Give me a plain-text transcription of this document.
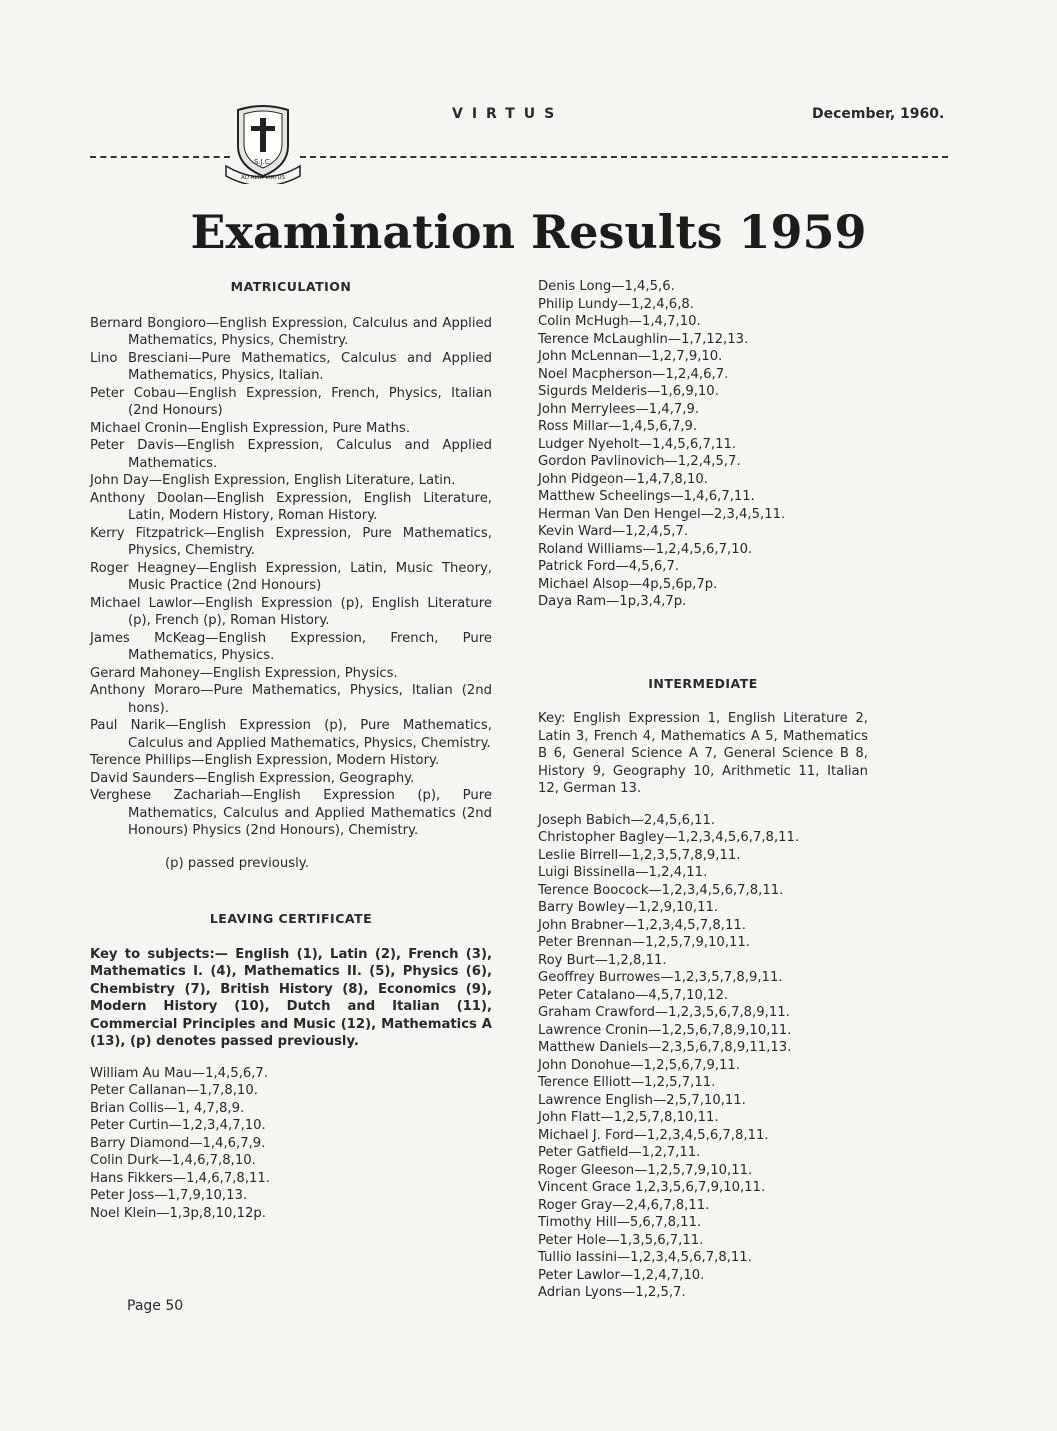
S.J.C.
AD ALTA VIRTUS
VIRTUS	December, 1960.
Examination Results 1959

MATRICULATION

Bernard Bongioro—English Expression, Calculus and Applied Mathematics, Physics, Chemistry.

Lino Bresciani—Pure Mathematics, Calculus and Applied Mathematics, Physics, Italian.

Peter Cobau—English Expression, French, Physics, Italian (2nd Honours)

Michael Cronin—English Expression, Pure Maths.

Peter Davis—English Expression, Calculus and Applied Mathematics.

John Day—English Expression, English Literature, Latin.

Anthony Doolan—English Expression, English Literature, Latin, Modern History, Roman History.

Kerry Fitzpatrick—English Expression, Pure Mathematics, Physics, Chemistry.

Roger Heagney—English Expression, Latin, Music Theory, Music Practice (2nd Honours)

Michael Lawlor—English Expression (p), English Literature (p), French (p), Roman History.

James McKeag—English Expression, French, Pure Mathematics, Physics.

Gerard Mahoney—English Expression, Physics.

Anthony Moraro—Pure Mathematics, Physics, Italian (2nd hons).

Paul Narik—English Expression (p), Pure Mathematics, Calculus and Applied Mathematics, Physics, Chemistry.

Terence Phillips—English Expression, Modern History.

David Saunders—English Expression, Geography.

Verghese Zachariah—English Expression (p), Pure Mathematics, Calculus and Applied Mathematics (2nd Honours) Physics (2nd Honours), Chemistry.

(p) passed previously.

LEAVING CERTIFICATE

Key to subjects:— English (1), Latin (2), French (3), Mathematics I. (4), Mathematics II. (5), Physics (6), Chembistry (7), British History (8), Economics (9), Modern History (10), Dutch and Italian (11), Commercial Principles and Music (12), Mathematics A (13), (p) denotes passed previously.

William Au Mau—1,4,5,6,7.

Peter Callanan—1,7,8,10.

Brian Collis—1, 4,7,8,9.

Peter Curtin—1,2,3,4,7,10.

Barry Diamond—1,4,6,7,9.

Colin Durk—1,4,6,7,8,10.

Hans Fikkers—1,4,6,7,8,11.

Peter Joss—1,7,9,10,13.

Noel Klein—1,3p,8,10,12p.

Denis Long—1,4,5,6.

Philip Lundy—1,2,4,6,8.

Colin McHugh—1,4,7,10.

Terence McLaughlin—1,7,12,13.

John McLennan—1,2,7,9,10.

Noel Macpherson—1,2,4,6,7.

Sigurds Melderis—1,6,9,10.

John Merrylees—1,4,7,9.

Ross Millar—1,4,5,6,7,9.

Ludger Nyeholt—1,4,5,6,7,11.

Gordon Pavlinovich—1,2,4,5,7.

John Pidgeon—1,4,7,8,10.

Matthew Scheelings—1,4,6,7,11.

Herman Van Den Hengel—2,3,4,5,11.

Kevin Ward—1,2,4,5,7.

Roland Williams—1,2,4,5,6,7,10.

Patrick Ford—4,5,6,7.

Michael Alsop—4p,5,6p,7p.

Daya Ram—1p,3,4,7p.

INTERMEDIATE

Key: English Expression 1, English Literature 2, Latin 3, French 4, Mathematics A 5, Mathematics B 6, General Science A 7, General Science B 8, History 9, Geography 10, Arithmetic 11, Italian 12, German 13.

Joseph Babich—2,4,5,6,11.

Christopher Bagley—1,2,3,4,5,6,7,8,11.

Leslie Birrell—1,2,3,5,7,8,9,11.

Luigi Bissinella—1,2,4,11.

Terence Boocock—1,2,3,4,5,6,7,8,11.

Barry Bowley—1,2,9,10,11.

John Brabner—1,2,3,4,5,7,8,11.

Peter Brennan—1,2,5,7,9,10,11.

Roy Burt—1,2,8,11.

Geoffrey Burrowes—1,2,3,5,7,8,9,11.

Peter Catalano—4,5,7,10,12.

Graham Crawford—1,2,3,5,6,7,8,9,11.

Lawrence Cronin—1,2,5,6,7,8,9,10,11.

Matthew Daniels—2,3,5,6,7,8,9,11,13.

John Donohue—1,2,5,6,7,9,11.

Terence Elliott—1,2,5,7,11.

Lawrence English—2,5,7,10,11.

John Flatt—1,2,5,7,8,10,11.

Michael J. Ford—1,2,3,4,5,6,7,8,11.

Peter Gatfield—1,2,7,11.

Roger Gleeson—1,2,5,7,9,10,11.

Vincent Grace 1,2,3,5,6,7,9,10,11.

Roger Gray—2,4,6,7,8,11.

Timothy Hill—5,6,7,8,11.

Peter Hole—1,3,5,6,7,11.

Tullio Iassini—1,2,3,4,5,6,7,8,11.

Peter Lawlor—1,2,4,7,10.

Adrian Lyons—1,2,5,7.

Page 50
